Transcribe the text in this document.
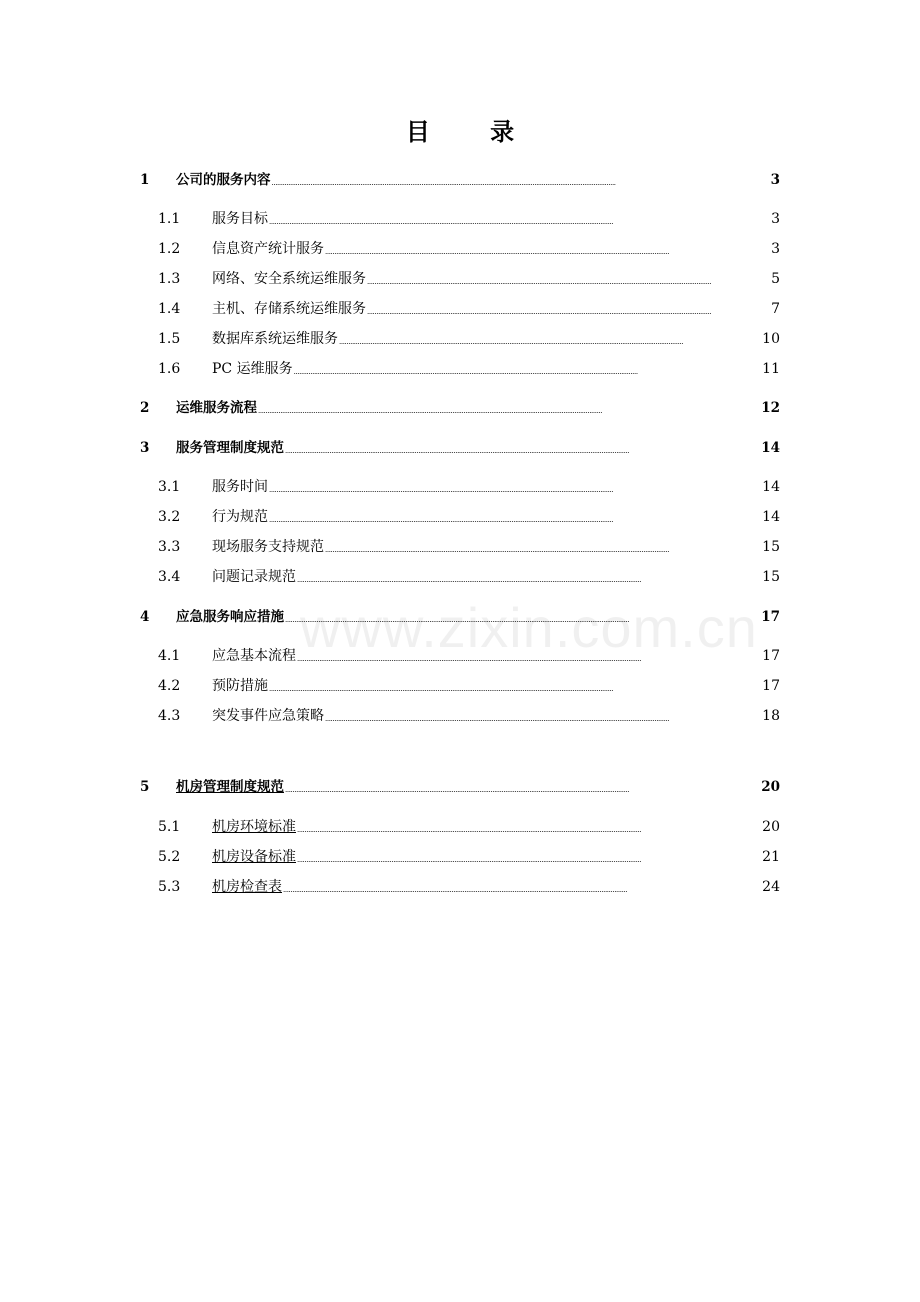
www.zixin.com.cn
目 录
1	公司的服务内容 . . .	3
1.1	服务目标 . . .	3
1.2	信息资产统计服务 . . .	3
1.3	网络、安全系统运维服务 . . .	5
1.4	主机、存储系统运维服务 . . .	7
1.5	数据库系统运维服务 . . .	10
1.6	PC 运维服务 . . .	11
2	运维服务流程 . . .	12
3	服务管理制度规范 . . .	14
3.1	服务时间 . . .	14
3.2	行为规范 . . .	14
3.3	现场服务支持规范 . . .	15
3.4	问题记录规范 . . .	15
4	应急服务响应措施 . . .	17
4.1	应急基本流程 . . .	17
4.2	预防措施 . . .	17
4.3	突发事件应急策略 . . .	18
5	机房管理制度规范 . . .	20
5.1	机房环境标准 . . .	20
5.2	机房设备标准 . . .	21
5.3	机房检查表 . . .	24
